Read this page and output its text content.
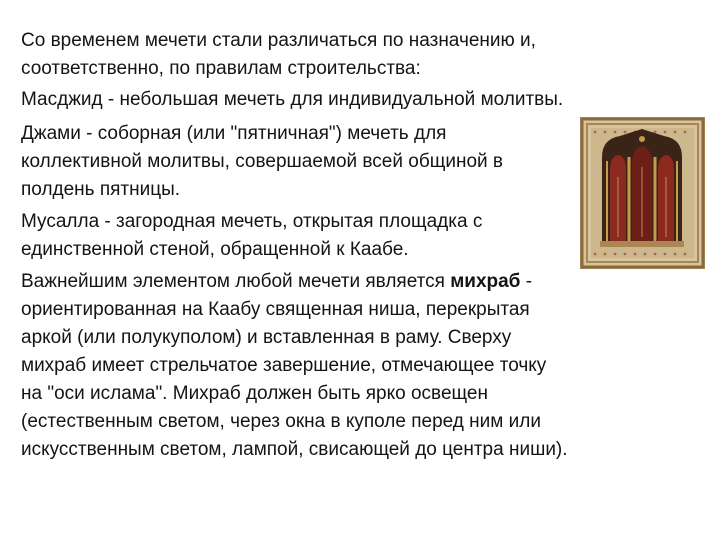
Со временем мечети стали различаться по назначению и,
соответственно, по правилам строительства:

Масджид - небольшая мечеть для индивидуальной молитвы.

Джами - соборная (или "пятничная") мечеть для
коллективной молитвы, совершаемой всей общиной в
полдень пятницы.

Мусалла - загородная мечеть, открытая площадка с
единственной стеной, обращенной к Каабе.

Важнейшим элементом любой мечети является михраб -
ориентированная на Каабу священная ниша, перекрытая
аркой (или полукуполом) и вставленная в раму. Сверху
михраб имеет стрельчатое завершение, отмечающее точку
на "оси ислама". Михраб должен быть ярко освещен
(естественным светом, через окна в куполе перед ним или
искусственным светом, лампой, свисающей до центра ниши).
